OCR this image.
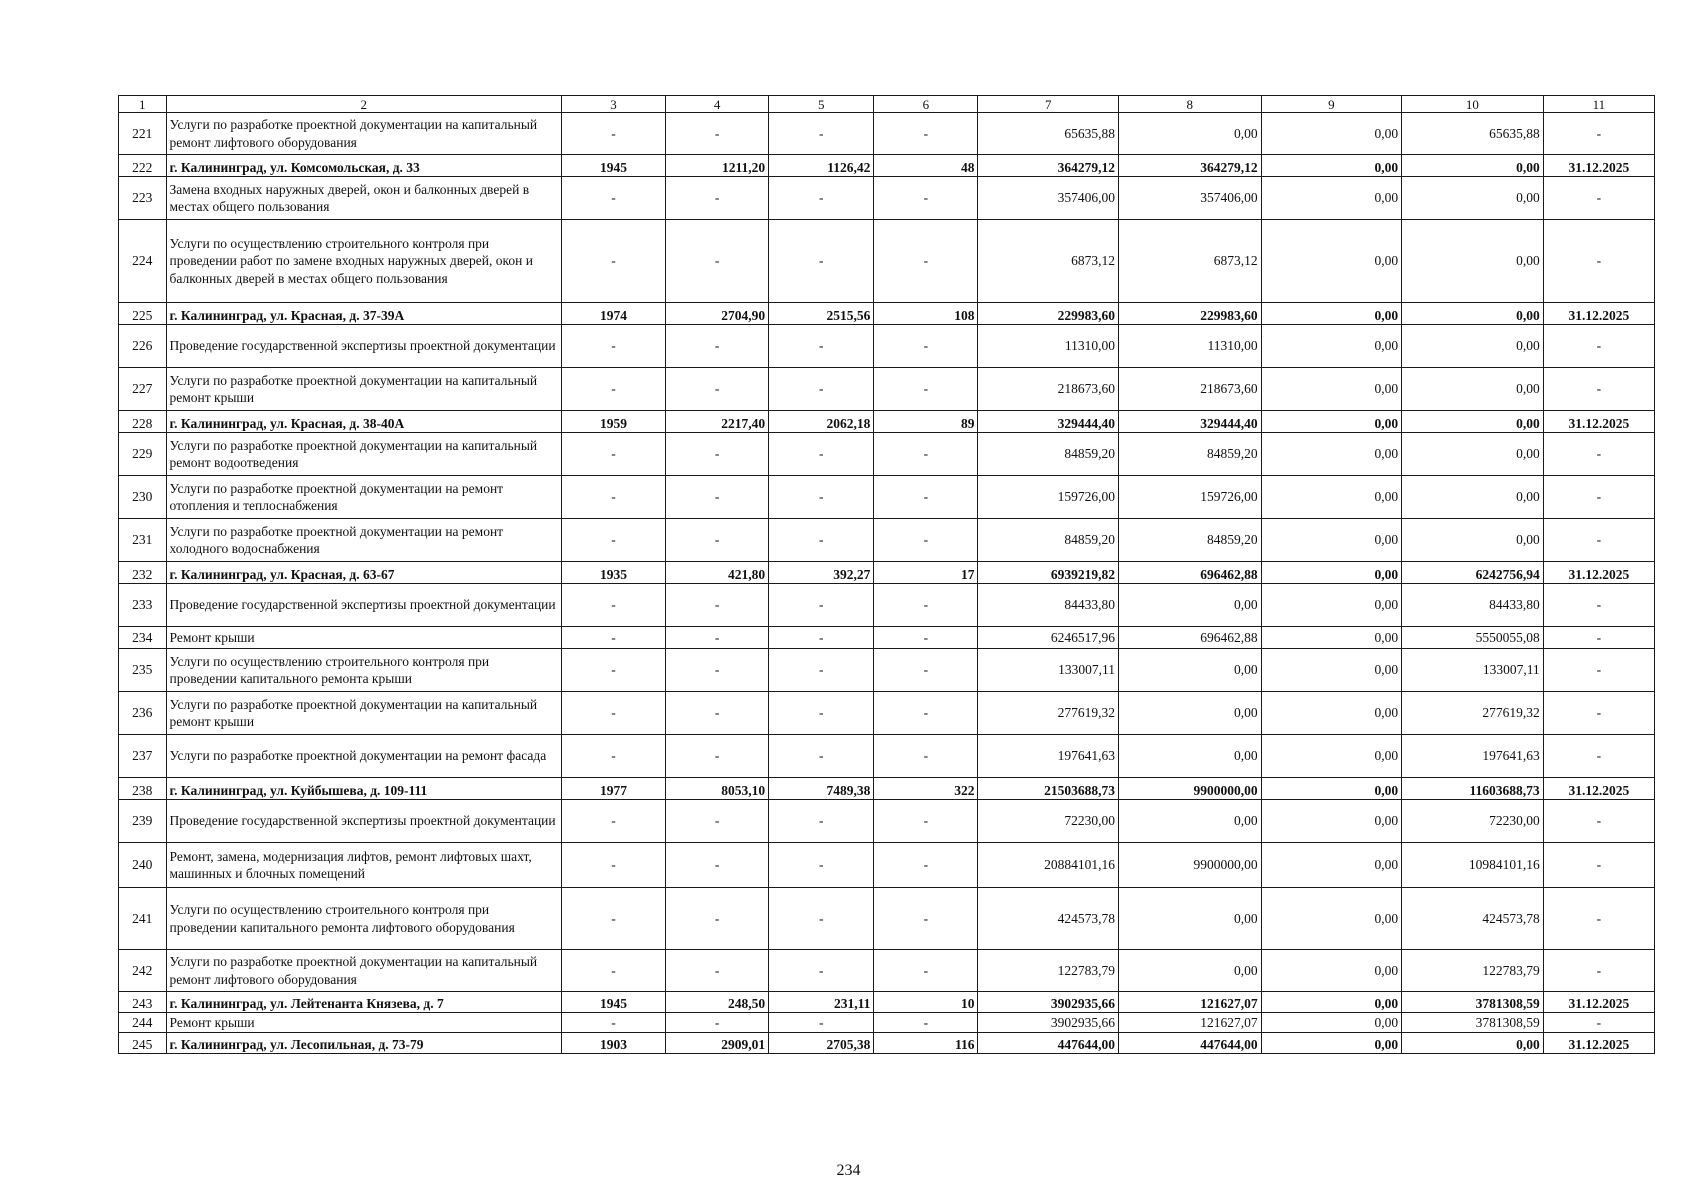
1	2	3	4	5	6	7	8	9	10	11
221	Услуги по разработке проектной документации на капитальный ремонт лифтового оборудования	-	-	-	-	65635,88	0,00	0,00	65635,88	-
222	г. Калининград, ул. Комсомольская, д. 33	1945	1211,20	1126,42	48	364279,12	364279,12	0,00	0,00	31.12.2025
223	Замена входных наружных дверей, окон и балконных дверей в местах общего пользования	-	-	-	-	357406,00	357406,00	0,00	0,00	-
224	Услуги по осуществлению строительного контроля при проведении работ по замене входных наружных дверей, окон и балконных дверей в местах общего пользования	-	-	-	-	6873,12	6873,12	0,00	0,00	-
225	г. Калининград, ул. Красная, д. 37-39А	1974	2704,90	2515,56	108	229983,60	229983,60	0,00	0,00	31.12.2025
226	Проведение государственной экспертизы проектной документации	-	-	-	-	11310,00	11310,00	0,00	0,00	-
227	Услуги по разработке проектной документации на капитальный ремонт крыши	-	-	-	-	218673,60	218673,60	0,00	0,00	-
228	г. Калининград, ул. Красная, д. 38-40А	1959	2217,40	2062,18	89	329444,40	329444,40	0,00	0,00	31.12.2025
229	Услуги по разработке проектной документации на капитальный ремонт водоотведения	-	-	-	-	84859,20	84859,20	0,00	0,00	-
230	Услуги по разработке проектной документации на ремонт отопления и теплоснабжения	-	-	-	-	159726,00	159726,00	0,00	0,00	-
231	Услуги по разработке проектной документации на ремонт холодного водоснабжения	-	-	-	-	84859,20	84859,20	0,00	0,00	-
232	г. Калининград, ул. Красная, д. 63-67	1935	421,80	392,27	17	6939219,82	696462,88	0,00	6242756,94	31.12.2025
233	Проведение государственной экспертизы проектной документации	-	-	-	-	84433,80	0,00	0,00	84433,80	-
234	Ремонт крыши	-	-	-	-	6246517,96	696462,88	0,00	5550055,08	-
235	Услуги по осуществлению строительного контроля при проведении капитального ремонта крыши	-	-	-	-	133007,11	0,00	0,00	133007,11	-
236	Услуги по разработке проектной документации на капитальный ремонт крыши	-	-	-	-	277619,32	0,00	0,00	277619,32	-
237	Услуги по разработке проектной документации на ремонт фасада	-	-	-	-	197641,63	0,00	0,00	197641,63	-
238	г. Калининград, ул. Куйбышева, д. 109-111	1977	8053,10	7489,38	322	21503688,73	9900000,00	0,00	11603688,73	31.12.2025
239	Проведение государственной экспертизы проектной документации	-	-	-	-	72230,00	0,00	0,00	72230,00	-
240	Ремонт, замена, модернизация лифтов, ремонт лифтовых шахт, машинных и блочных помещений	-	-	-	-	20884101,16	9900000,00	0,00	10984101,16	-
241	Услуги по осуществлению строительного контроля при проведении капитального ремонта лифтового оборудования	-	-	-	-	424573,78	0,00	0,00	424573,78	-
242	Услуги по разработке проектной документации на капитальный ремонт лифтового оборудования	-	-	-	-	122783,79	0,00	0,00	122783,79	-
243	г. Калининград, ул. Лейтенанта Князева, д. 7	1945	248,50	231,11	10	3902935,66	121627,07	0,00	3781308,59	31.12.2025
244	Ремонт крыши	-	-	-	-	3902935,66	121627,07	0,00	3781308,59	-
245	г. Калининград, ул. Лесопильная, д. 73-79	1903	2909,01	2705,38	116	447644,00	447644,00	0,00	0,00	31.12.2025
234
